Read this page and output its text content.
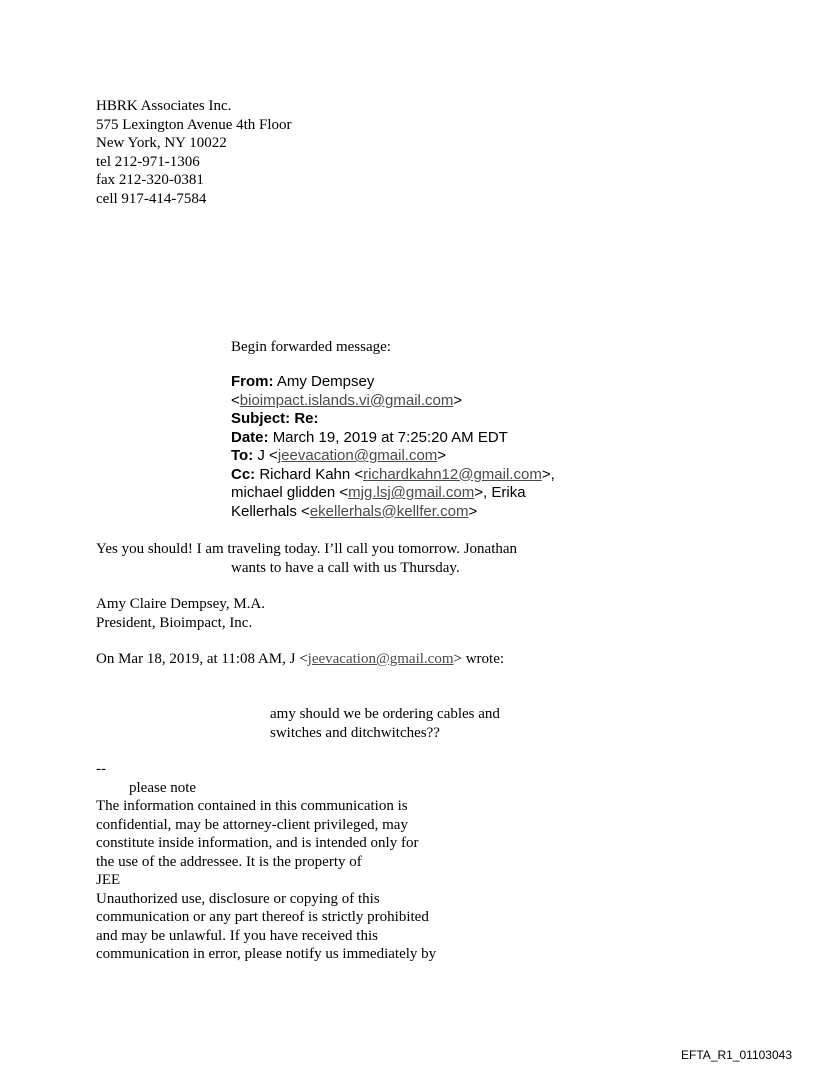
HBRK Associates Inc.
575 Lexington Avenue 4th Floor
New York, NY 10022
tel 212-971-1306
fax 212-320-0381
cell 917-414-7584
Begin forwarded message:
From: Amy Dempsey
<bioimpact.islands.vi@gmail.com>
Subject: Re:
Date: March 19, 2019 at 7:25:20 AM EDT
To: J <jeevacation@gmail.com>
Cc: Richard Kahn <richardkahn12@gmail.com>,
michael glidden <mjg.lsj@gmail.com>, Erika
Kellerhals <ekellerhals@kellfer.com>
Yes you should! I am traveling today. I’ll call you tomorrow. Jonathan
wants to have a call with us Thursday.
Amy Claire Dempsey, M.A.
President, Bioimpact, Inc.
On Mar 18, 2019, at 11:08 AM, J <jeevacation@gmail.com> wrote:
amy should we be ordering cables and
switches and ditchwitches??
--
please note
The information contained in this communication is
confidential, may be attorney-client privileged, may
constitute inside information, and is intended only for
the use of the addressee. It is the property of
JEE
Unauthorized use, disclosure or copying of this
communication or any part thereof is strictly prohibited
and may be unlawful. If you have received this
communication in error, please notify us immediately by
EFTA_R1_01103043
